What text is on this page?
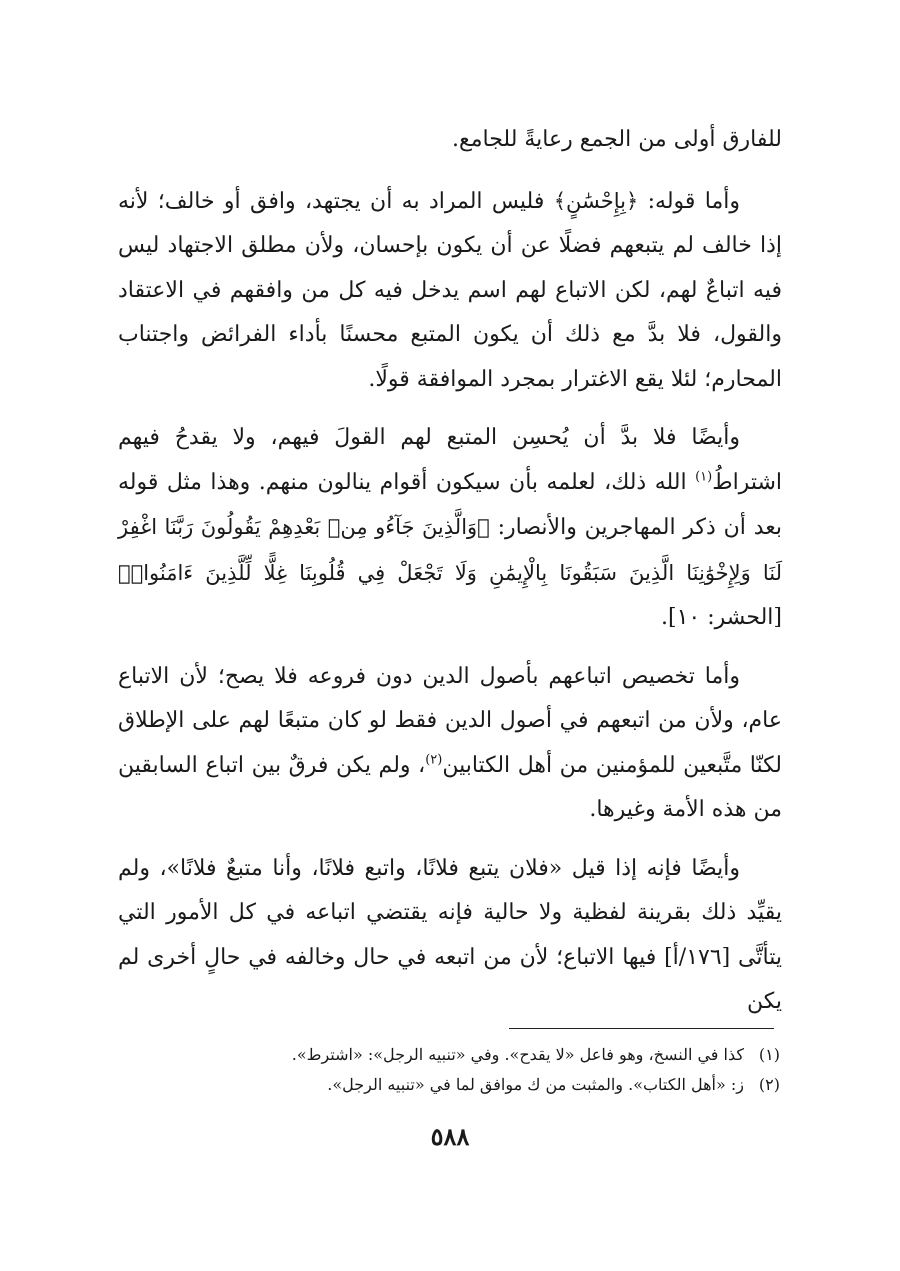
للفارق أولى من الجمع رعايةً للجامع.

وأما قوله: ﴿بِإِحْسَٰنٍ﴾ فليس المراد به أن يجتهد، وافق أو خالف؛ لأنه إذا خالف لم يتبعهم فضلًا عن أن يكون بإحسان، ولأن مطلق الاجتهاد ليس فيه اتباعٌ لهم، لكن الاتباع لهم اسم يدخل فيه كل من وافقهم في الاعتقاد والقول، فلا بدَّ مع ذلك أن يكون المتبع محسنًا بأداء الفرائض واجتناب المحارم؛ لئلا يقع الاغترار بمجرد الموافقة قولًا.

وأيضًا فلا بدَّ أن يُحسِن المتبع لهم القولَ فيهم، ولا يقدحُ فيهم اشتراطُ$^{(١)}$ الله ذلك، لعلمه بأن سيكون أقوام ينالون منهم. وهذا مثل قوله بعد أن ذكر المهاجرين والأنصار: ﴿وَالَّذِينَ جَآءُو مِنۢ بَعْدِهِمْ يَقُولُونَ رَبَّنَا اغْفِرْ لَنَا وَلِإِخْوَٰنِنَا الَّذِينَ سَبَقُونَا بِالْإِيمَٰنِ وَلَا تَجْعَلْ فِي قُلُوبِنَا غِلًّا لِّلَّذِينَ ءَامَنُوا۟﴾ [الحشر: ١٠].

وأما تخصيص اتباعهم بأصول الدين دون فروعه فلا يصح؛ لأن الاتباع عام، ولأن من اتبعهم في أصول الدين فقط لو كان متبعًا لهم على الإطلاق لكنّا متَّبعين للمؤمنين من أهل الكتابين$^{(٢)}$، ولم يكن فرقٌ بين اتباع السابقين من هذه الأمة وغيرها.

وأيضًا فإنه إذا قيل «فلان يتبع فلانًا، واتبع فلانًا، وأنا متبعٌ فلانًا»، ولم يقيِّد ذلك بقرينة لفظية ولا حالية فإنه يقتضي اتباعه في كل الأمور التي يتأتَّى [١٧٦/أ] فيها الاتباع؛ لأن من اتبعه في حال وخالفه في حالٍ أخرى لم يكن

(١)كذا في النسخ، وهو فاعل «لا يقدح». وفي «تنبيه الرجل»: «اشترط».

(٢)ز: «أهل الكتاب». والمثبت من ك موافق لما في «تنبيه الرجل».

٥٨٨
